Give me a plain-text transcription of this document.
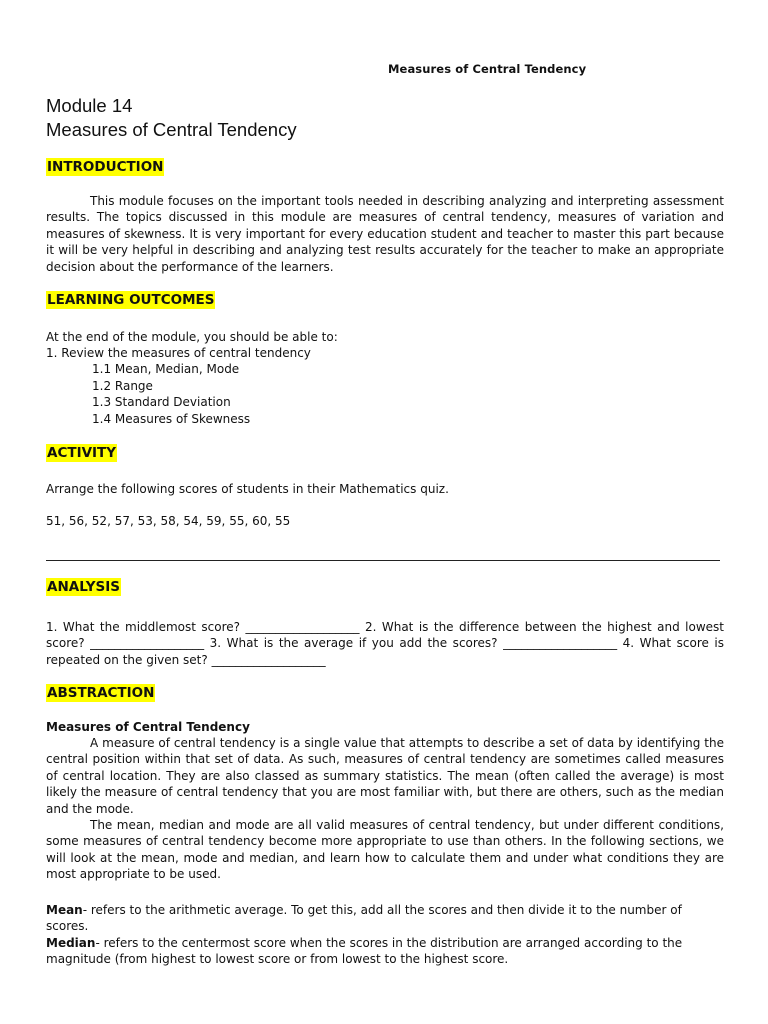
Measures of Central Tendency
Module 14
Measures of Central Tendency
INTRODUCTION

This module focuses on the important tools needed in describing analyzing and interpreting assessment results. The topics discussed in this module are measures of central tendency, measures of variation and measures of skewness. It is very important for every education student and teacher to master this part because it will be very helpful in describing and analyzing test results accurately for the teacher to make an appropriate decision about the performance of the learners.

LEARNING OUTCOMES
At the end of the module, you should be able to:
1. Review the measures of central tendency
1.1 Mean, Median, Mode
1.2 Range
1.3 Standard Deviation
1.4 Measures of Skewness
ACTIVITY
Arrange the following scores of students in their Mathematics quiz.
51, 56, 52, 57, 53, 58, 54, 59, 55, 60, 55
ANALYSIS

1. What the middlemost score? ___________________ 2. What is the difference between the highest and lowest score? ___________________ 3. What is the average if you add the scores? ___________________ 4. What score is repeated on the given set? ___________________

ABSTRACTION
Measures of Central Tendency

A measure of central tendency is a single value that attempts to describe a set of data by identifying the central position within that set of data. As such, measures of central tendency are sometimes called measures of central location. They are also classed as summary statistics. The mean (often called the average) is most likely the measure of central tendency that you are most familiar with, but there are others, such as the median and the mode.

The mean, median and mode are all valid measures of central tendency, but under different conditions, some measures of central tendency become more appropriate to use than others. In the following sections, we will look at the mean, mode and median, and learn how to calculate them and under what conditions they are most appropriate to be used.

Mean- refers to the arithmetic average. To get this, add all the scores and then divide it to the number of scores.

Median- refers to the centermost score when the scores in the distribution are arranged according to the magnitude (from highest to lowest score or from lowest to the highest score.
